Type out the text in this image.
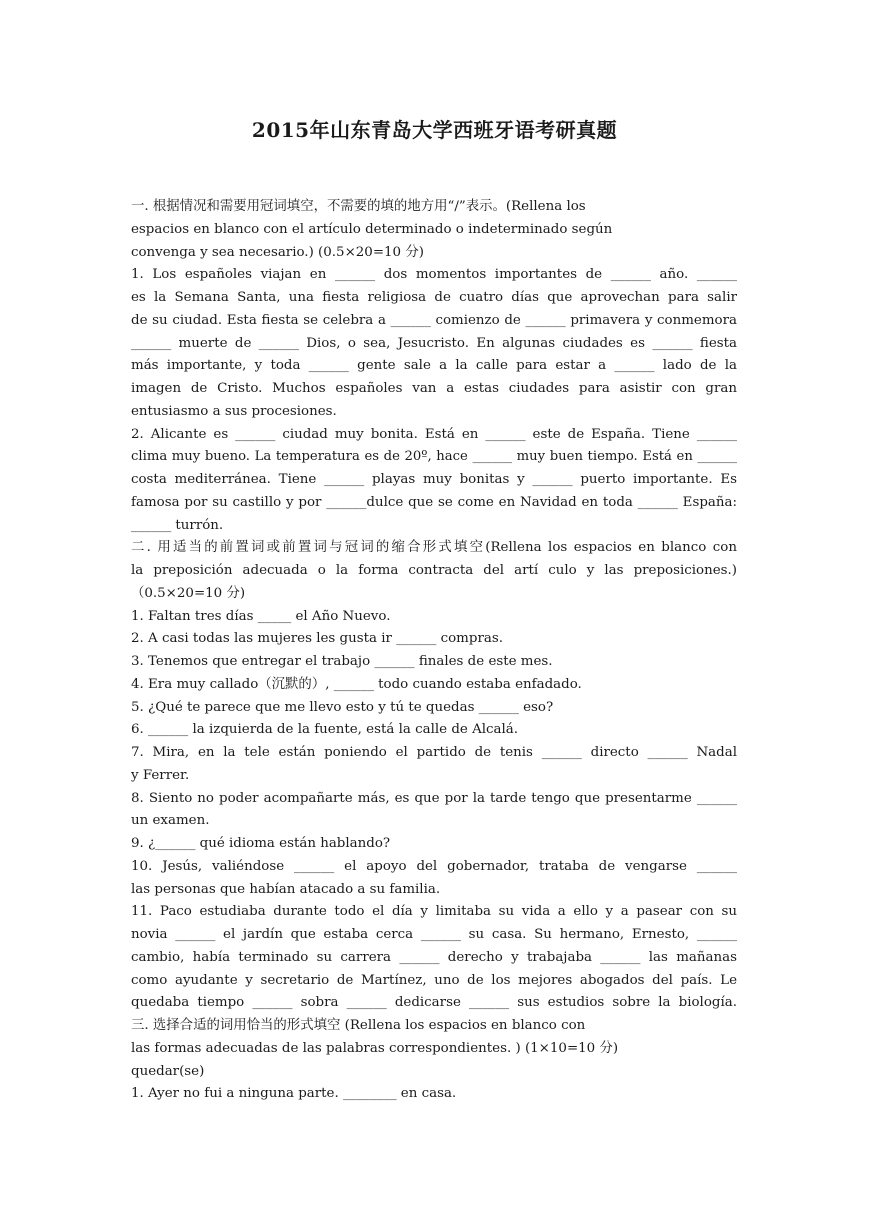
2015年山东青岛大学西班牙语考研真题
一. 根据情况和需要用冠词填空，不需要的填的地方用“/”表示。(Rellena los
espacios en blanco con el artículo determinado o indeterminado según
convenga y sea necesario.) (0.5×20=10 分)
1. Los españoles viajan en ______ dos momentos importantes de ______ año. ______
es la Semana Santa, una fiesta religiosa de cuatro días que aprovechan para salir
de su ciudad. Esta fiesta se celebra a ______ comienzo de ______ primavera y conmemora
______ muerte de ______ Dios, o sea, Jesucristo. En algunas ciudades es ______ fiesta
más importante, y toda ______ gente sale a la calle para estar a ______ lado de la
imagen de Cristo. Muchos españoles van a estas ciudades para asistir con gran
entusiasmo a sus procesiones.
2. Alicante es ______ ciudad muy bonita. Está en ______ este de España. Tiene ______
clima muy bueno. La temperatura es de 20º, hace ______ muy buen tiempo. Está en ______
costa mediterránea. Tiene ______ playas muy bonitas y ______ puerto importante. Es
famosa por su castillo y por ______dulce que se come en Navidad en toda ______ España:
______ turrón.
二. 用适当的前置词或前置词与冠词的缩合形式填空(Rellena los espacios en blanco con
la preposición adecuada o la forma contracta del artí culo y las preposiciones.)
（0.5×20=10 分)
1. Faltan tres días _____ el Año Nuevo.
2. A casi todas las mujeres les gusta ir ______ compras.
3. Tenemos que entregar el trabajo ______ finales de este mes.
4. Era muy callado（沉默的）, ______ todo cuando estaba enfadado.
5. ¿Qué te parece que me llevo esto y tú te quedas ______ eso?
6. ______ la izquierda de la fuente, está la calle de Alcalá.
7. Mira, en la tele están poniendo el partido de tenis ______ directo ______ Nadal
y Ferrer.
8. Siento no poder acompañarte más, es que por la tarde tengo que presentarme ______
un examen.
9. ¿______ qué idioma están hablando?
10. Jesús, valiéndose ______ el apoyo del gobernador, trataba de vengarse ______
las personas que habían atacado a su familia.
11. Paco estudiaba durante todo el día y limitaba su vida a ello y a pasear con su
novia ______ el jardín que estaba cerca ______ su casa. Su hermano, Ernesto, ______
cambio, había terminado su carrera ______ derecho y trabajaba ______ las mañanas
como ayudante y secretario de Martínez, uno de los mejores abogados del país. Le
quedaba tiempo ______ sobra ______ dedicarse ______ sus estudios sobre la biología.
三. 选择合适的词用恰当的形式填空 (Rellena los espacios en blanco con
las formas adecuadas de las palabras correspondientes. ) (1×10=10 分)
quedar(se)
1. Ayer no fui a ninguna parte. ________ en casa.
